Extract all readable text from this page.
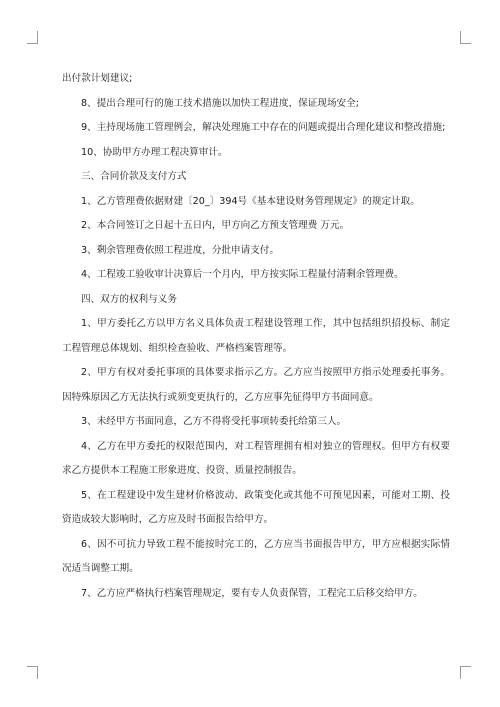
出付款计划建议;

8、提出合理可行的施工技术措施以加快工程进度，保证现场安全;

9、主持现场施工管理例会，解决处理施工中存在的问题或提出合理化建议和整改措施;

10、协助甲方办理工程决算审计。

三、合同价款及支付方式

1、乙方管理费依据财建〔20_〕394号《基本建设财务管理规定》的规定计取。

2、本合同签订之日起十五日内，甲方向乙方预支管理费 万元。

3、剩余管理费依照工程进度，分批申请支付。

4、工程竣工验收审计决算后一个月内，甲方按实际工程量付清剩余管理费。

四、双方的权利与义务

1、甲方委托乙方以甲方名义具体负责工程建设管理工作，其中包括组织招投标、制定工程管理总体规划、组织检查验收、严格档案管理等。

2、甲方有权对委托事项的具体要求指示乙方。乙方应当按照甲方指示处理委托事务。因特殊原因乙方无法执行或须变更执行的，乙方应事先征得甲方书面同意。

3、未经甲方书面同意，乙方不得将受托事项转委托给第三人。

4、乙方在甲方委托的权限范围内，对工程管理拥有相对独立的管理权。但甲方有权要求乙方提供本工程施工形象进度、投资、质量控制报告。

5、在工程建设中发生建材价格波动、政策变化或其他不可预见因素，可能对工期、投资造成较大影响时，乙方应及时书面报告给甲方。

6、因不可抗力导致工程不能按时完工的，乙方应当书面报告甲方，甲方应根据实际情况适当调整工期。

7、乙方应严格执行档案管理规定，要有专人负责保管，工程完工后移交给甲方。
